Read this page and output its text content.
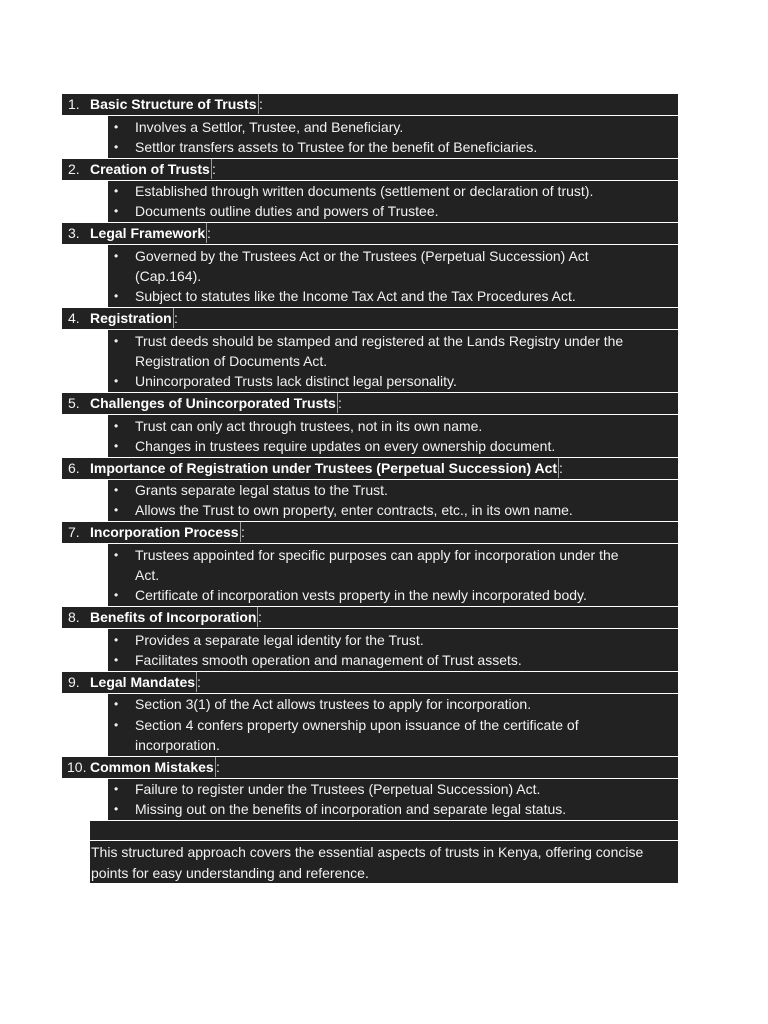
1. Basic Structure of Trusts
• Involves a Settlor, Trustee, and Beneficiary.
• Settlor transfers assets to Trustee for the benefit of Beneficiaries.
:
2. Creation of Trusts
• Established through written documents (settlement or declaration of trust).
• Documents outline duties and powers of Trustee.
:
3. Legal Framework
• Governed by the Trustees Act or the Trustees (Perpetual Succession) Act
(Cap.164).
• Subject to statutes like the Income Tax Act and the Tax Procedures Act.
:
4. Registration
• Trust deeds should be stamped and registered at the Lands Registry under the
Registration of Documents Act.
• Unincorporated Trusts lack distinct legal personality.
:
5. Challenges of Unincorporated Trusts
• Trust can only act through trustees, not in its own name.
• Changes in trustees require updates on every ownership document.
:
6. Importance of Registration under Trustees (Perpetual Succession) Act
• Grants separate legal status to the Trust.
• Allows the Trust to own property, enter contracts, etc., in its own name.
:
7. Incorporation Process
• Trustees appointed for specific purposes can apply for incorporation under the
Act.
• Certificate of incorporation vests property in the newly incorporated body.
:
8. Benefits of Incorporation
• Provides a separate legal identity for the Trust.
• Facilitates smooth operation and management of Trust assets.
:
9. Legal Mandates
• Section 3(1) of the Act allows trustees to apply for incorporation.
• Section 4 confers property ownership upon issuance of the certificate of
incorporation.
:
10. Common Mistakes
• Failure to register under the Trustees (Perpetual Succession) Act.
• Missing out on the benefits of incorporation and separate legal status.
:
This structured approach covers the essential aspects of trusts in Kenya, offering concise
points for easy understanding and reference.
